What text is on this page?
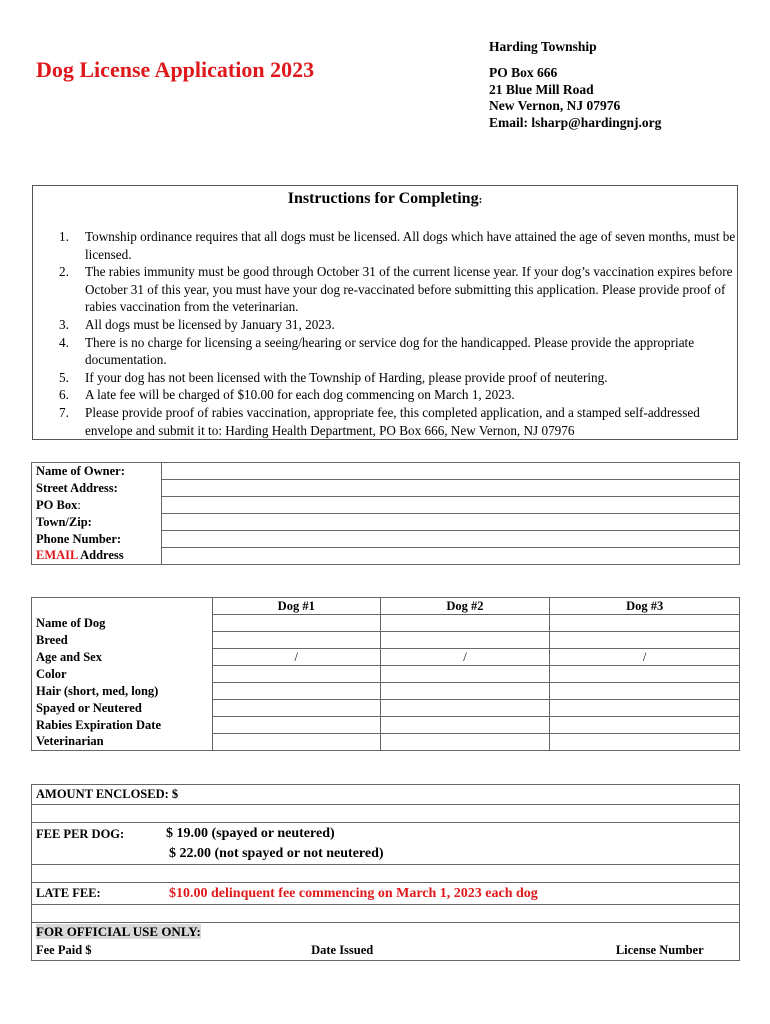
Dog License Application 2023
Harding Township
PO Box 666
21 Blue Mill Road
New Vernon, NJ 07976
Email: lsharp@hardingnj.org
Instructions for Completing:
1. Township ordinance requires that all dogs must be licensed. All dogs which have attained the age of seven months, must be licensed.
2. The rabies immunity must be good through October 31 of the current license year. If your dog’s vaccination expires before October 31 of this year, you must have your dog re-vaccinated before submitting this application. Please provide proof of rabies vaccination from the veterinarian.
3. All dogs must be licensed by January 31, 2023.
4. There is no charge for licensing a seeing/hearing or service dog for the handicapped. Please provide the appropriate documentation.
5. If your dog has not been licensed with the Township of Harding, please provide proof of neutering.
6. A late fee will be charged of $10.00 for each dog commencing on March 1, 2023.
7. Please provide proof of rabies vaccination, appropriate fee, this completed application, and a stamped self-addressed envelope and submit it to: Harding Health Department, PO Box 666, New Vernon, NJ 07976
Name of Owner:	
Street Address:	
PO Box:	
Town/Zip:	
Phone Number:	
EMAIL Address	
	Dog #1	Dog #2	Dog #3
Name of Dog			
Breed			
Age and Sex	/	/	/
Color			
Hair (short, med, long)			
Spayed or Neutered			
Rabies Expiration Date			
Veterinarian			
AMOUNT ENCLOSED: $

FEE PER DOG:	$ 19.00 (spayed or neutered)
$ 22.00 (not spayed or not neutered)

LATE FEE:	$10.00 delinquent fee commencing on March 1, 2023 each dog

FOR OFFICIAL USE ONLY:
Fee Paid $	Date Issued	License Number
